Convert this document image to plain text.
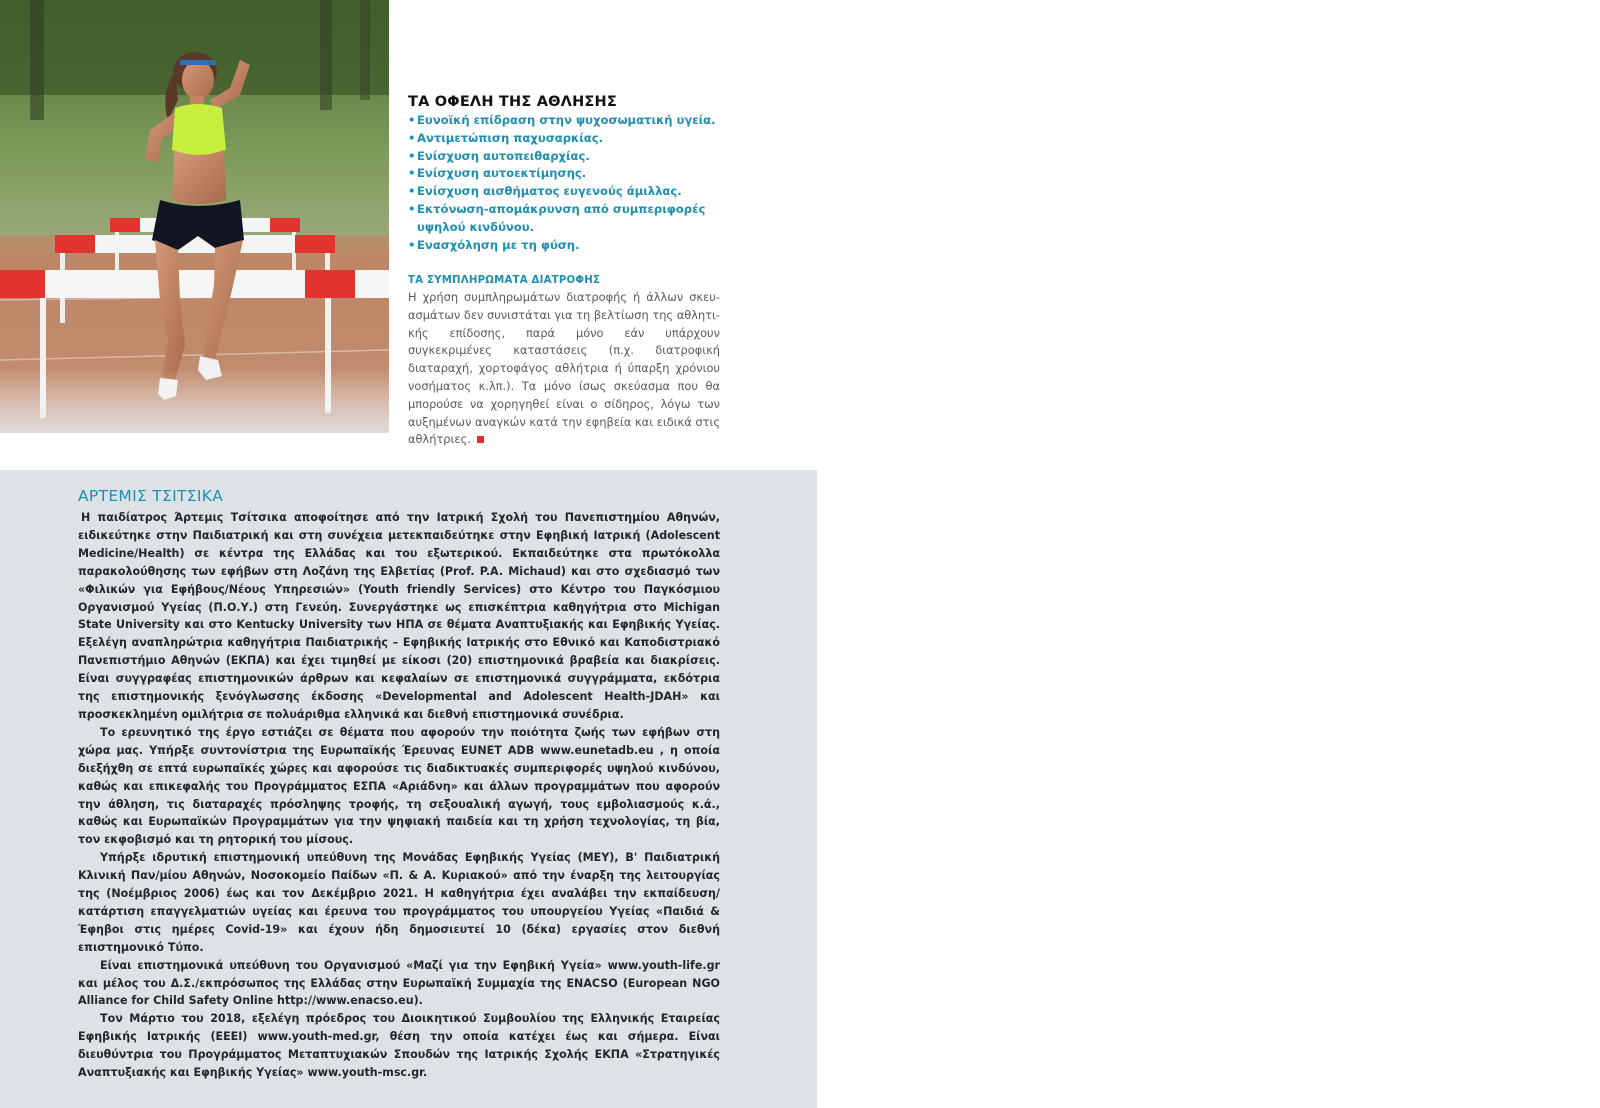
ΤΑ ΟΦΕΛΗ ΤΗΣ ΑΘΛΗΣΗΣ
• Ευνοϊκή επίδραση στην ψυχοσωματική υγεία.
• Αντιμετώπιση παχυσαρκίας.
• Ενίσχυση αυτοπειθαρχίας.
• Ενίσχυση αυτοεκτίμησης.
• Ενίσχυση αισθήματος ευγενούς άμιλλας.
• Εκτόνωση-απομάκρυνση από συμπεριφορές υψηλού κινδύνου.
• Ενασχόληση με τη φύση.
ΤΑ ΣΥΜΠΛΗΡΩΜΑΤΑ ΔΙΑΤΡΟΦΗΣ

Η χρήση συμπληρωμάτων διατροφής ή άλλων σκευασμάτων δεν συνιστάται για τη βελτίωση της αθλητικής επίδοσης, παρά μόνο εάν υπάρχουν συγκεκριμένες καταστάσεις (π.χ. διατροφική διαταραχή, χορτοφάγος αθλήτρια ή ύπαρξη χρόνιου νοσήματος κ.λπ.). Τα μόνο ίσως σκεύασμα που θα μπορούσε να χορηγηθεί είναι ο σίδηρος, λόγω των αυξημένων αναγκών κατά την εφηβεία και ειδικά στις αθλήτριες.

ΑΡΤΕΜΙΣ ΤΣΙΤΣΙΚΑ

Η παιδίατρος Άρτεμις Τσίτσικα αποφοίτησε από την Ιατρική Σχολή του Πανεπιστημίου Αθηνών, ειδικεύτηκε στην Παιδιατρική και στη συνέχεια μετεκπαιδεύτηκε στην Εφηβική Ιατρική (Adolescent Medicine/Health) σε κέντρα της Ελλάδας και του εξωτερικού. Εκπαιδεύτηκε στα πρωτόκολλα παρακολούθησης των εφήβων στη Λοζάνη της Ελβετίας (Prof. P.A. Michaud) και στο σχεδιασμό των «Φιλικών για Εφήβους/Νέους Υπηρεσιών» (Youth friendly Services) στο Κέντρο του Παγκόσμιου Οργανισμού Υγείας (Π.Ο.Υ.) στη Γενεύη. Συνεργάστηκε ως επισκέπτρια καθηγήτρια στο Michigan State University και στο Kentucky University των ΗΠΑ σε θέματα Αναπτυξιακής και Εφηβικής Υγείας. Εξελέγη αναπληρώτρια καθηγήτρια Παιδιατρικής – Εφηβικής Ιατρικής στο Εθνικό και Καποδιστριακό Πανεπιστήμιο Αθηνών (ΕΚΠΑ) και έχει τιμηθεί με είκοσι (20) επιστημονικά βραβεία και διακρίσεις. Είναι συγγραφέας επιστημονικών άρθρων και κεφαλαίων σε επιστημονικά συγγράμματα, εκδότρια της επιστημονικής ξενόγλωσσης έκδοσης «Developmental and Adolescent Health-JDAH» και προσκεκλημένη ομιλήτρια σε πολυάριθμα ελληνικά και διεθνή επιστημονικά συνέδρια.

Το ερευνητικό της έργο εστιάζει σε θέματα που αφορούν την ποιότητα ζωής των εφήβων στη χώρα μας. Υπήρξε συντονίστρια της Ευρωπαϊκής Έρευνας EUNET ADB www.eunetadb.eu , η οποία διεξήχθη σε επτά ευρωπαϊκές χώρες και αφορούσε τις διαδικτυακές συμπεριφορές υψηλού κινδύνου, καθώς και επικεφαλής του Προγράμματος ΕΣΠΑ «Αριάδνη» και άλλων προγραμμάτων που αφορούν την άθληση, τις διαταραχές πρόσληψης τροφής, τη σεξουαλική αγωγή, τους εμβολιασμούς κ.ά., καθώς και Ευρωπαϊκών Προγραμμάτων για την ψηφιακή παιδεία και τη χρήση τεχνολογίας, τη βία, τον εκφοβισμό και τη ρητορική του μίσους.

Υπήρξε ιδρυτική επιστημονική υπεύθυνη της Μονάδας Εφηβικής Υγείας (ΜΕΥ), Β' Παιδιατρική Κλινική Παν/μίου Αθηνών, Νοσοκομείο Παίδων «Π. & Α. Κυριακού» από την έναρξη της λειτουργίας της (Νοέμβριος 2006) έως και τον Δεκέμβριο 2021. Η καθηγήτρια έχει αναλάβει την εκπαίδευση/κατάρτιση επαγγελματιών υγείας και έρευνα του προγράμματος του υπουργείου Υγείας «Παιδιά & Έφηβοι στις ημέρες Covid-19» και έχουν ήδη δημοσιευτεί 10 (δέκα) εργασίες στον διεθνή επιστημονικό Τύπο.

Είναι επιστημονικά υπεύθυνη του Οργανισμού «Μαζί για την Εφηβική Υγεία» www.youth-life.gr και μέλος του Δ.Σ./εκπρόσωπος της Ελλάδας στην Ευρωπαϊκή Συμμαχία της ENACSO (European NGO Alliance for Child Safety Online http://www.enacso.eu).

Τον Μάρτιο του 2018, εξελέγη πρόεδρος του Διοικητικού Συμβουλίου της Ελληνικής Εταιρείας Εφηβικής Ιατρικής (ΕΕΕΙ) www.youth-med.gr, θέση την οποία κατέχει έως και σήμερα. Είναι διευθύντρια του Προγράμματος Μεταπτυχιακών Σπουδών της Ιατρικής Σχολής ΕΚΠΑ «Στρατηγικές Αναπτυξιακής και Εφηβικής Υγείας» www.youth-msc.gr.
